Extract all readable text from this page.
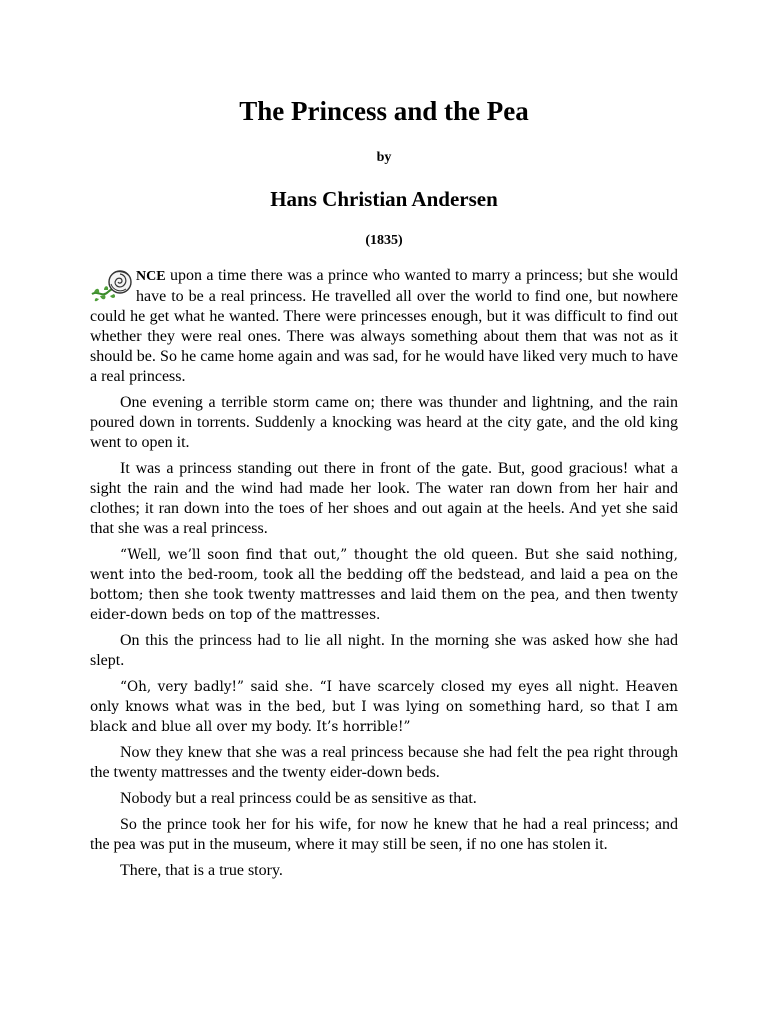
The Princess and the Pea
by
Hans Christian Andersen
(1835)

NCE upon a time there was a prince who wanted to marry a princess; but she would have to be a real princess. He travelled all over the world to find one, but nowhere could he get what he wanted. There were princesses enough, but it was difficult to find out whether they were real ones. There was always something about them that was not as it should be. So he came home again and was sad, for he would have liked very much to have a real princess.

One evening a terrible storm came on; there was thunder and lightning, and the rain poured down in torrents. Suddenly a knocking was heard at the city gate, and the old king went to open it.

It was a princess standing out there in front of the gate. But, good gracious! what a sight the rain and the wind had made her look. The water ran down from her hair and clothes; it ran down into the toes of her shoes and out again at the heels. And yet she said that she was a real princess.

“Well, we’ll soon find that out,” thought the old queen. But she said nothing, went into the bed-room, took all the bedding off the bedstead, and laid a pea on the bottom; then she took twenty mattresses and laid them on the pea, and then twenty eider-down beds on top of the mattresses.

On this the princess had to lie all night. In the morning she was asked how she had slept.

“Oh, very badly!” said she. “I have scarcely closed my eyes all night. Heaven only knows what was in the bed, but I was lying on something hard, so that I am black and blue all over my body. It’s horrible!”

Now they knew that she was a real princess because she had felt the pea right through the twenty mattresses and the twenty eider-down beds.

Nobody but a real princess could be as sensitive as that.

So the prince took her for his wife, for now he knew that he had a real princess; and the pea was put in the museum, where it may still be seen, if no one has stolen it.

There, that is a true story.
